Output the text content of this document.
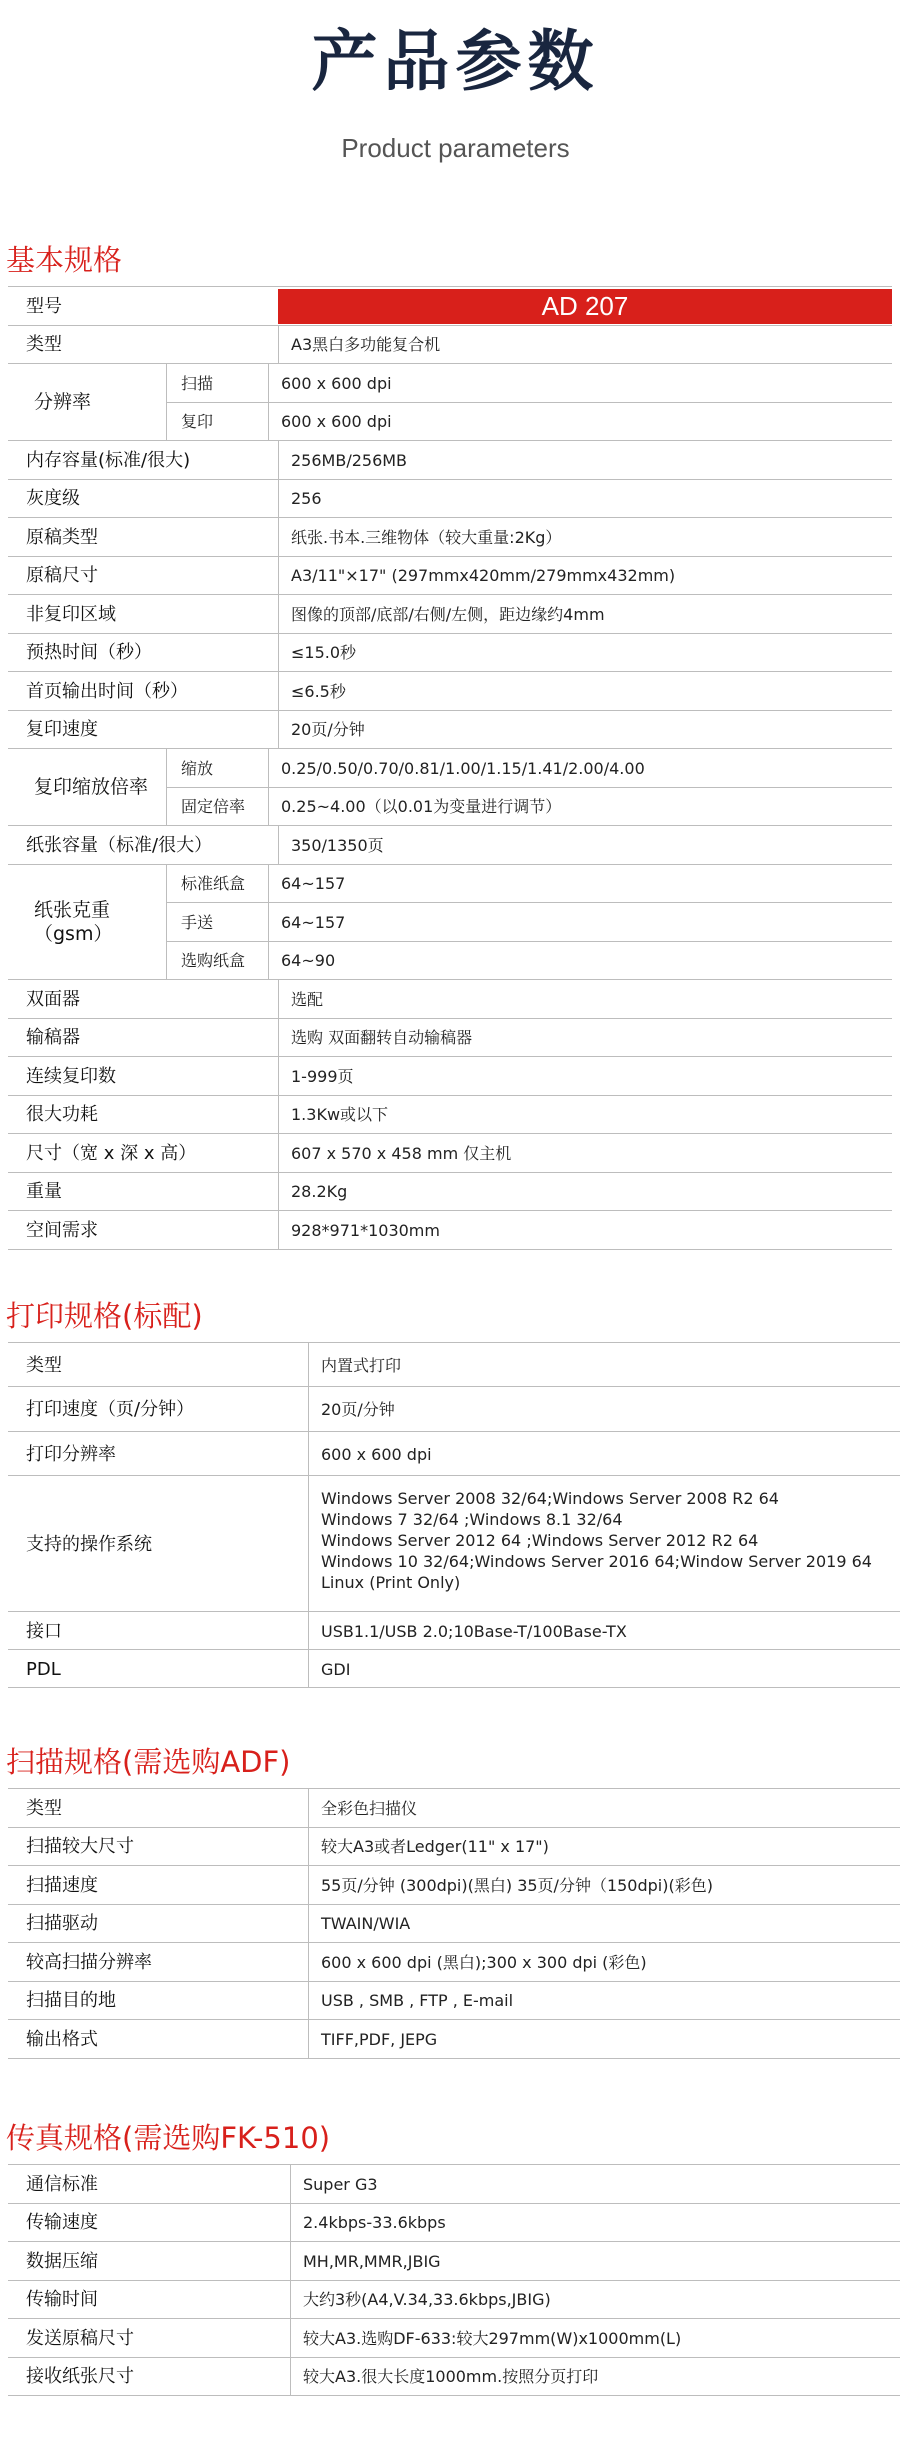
产品参数
Product parameters
基本规格
型号	AD 207
类型	A3黑白多功能复合机
分辨率
扫描	600 x 600 dpi
复印	600 x 600 dpi
内存容量(标准/很大)	256MB/256MB
灰度级	256
原稿类型	纸张.书本.三维物体（较大重量:2Kg）
原稿尺寸	A3/11"×17" (297mmx420mm/279mmx432mm)
非复印区域	图像的顶部/底部/右侧/左侧，距边缘约4mm
预热时间（秒）	≤15.0秒
首页输出时间（秒）	≤6.5秒
复印速度	20页/分钟
复印缩放倍率
缩放	0.25/0.50/0.70/0.81/1.00/1.15/1.41/2.00/4.00
固定倍率	0.25~4.00（以0.01为变量进行调节）
纸张容量（标准/很大）	350/1350页
纸张克重
（gsm）
标准纸盒	64~157
手送	64~157
选购纸盒	64~90
双面器	选配
输稿器	选购 双面翻转自动输稿器
连续复印数	1-999页
很大功耗	1.3Kw或以下
尺寸（宽 x 深 x 高）	607 x 570 x 458 mm 仅主机
重量	28.2Kg
空间需求	928*971*1030mm
打印规格(标配)
类型	内置式打印
打印速度（页/分钟）	20页/分钟
打印分辨率	600 x 600 dpi
支持的操作系统
Windows Server 2008 32/64;Windows Server 2008 R2 64
Windows 7 32/64 ;Windows 8.1 32/64
Windows Server 2012 64 ;Windows Server 2012 R2 64
Windows 10 32/64;Windows Server 2016 64;Window Server 2019 64
Linux (Print Only)
接口	USB1.1/USB 2.0;10Base-T/100Base-TX
PDL	GDI
扫描规格(需选购ADF)
类型	全彩色扫描仪
扫描较大尺寸	较大A3或者Ledger(11" x 17")
扫描速度	55页/分钟 (300dpi)(黑白) 35页/分钟（150dpi)(彩色)
扫描驱动	TWAIN/WIA
较高扫描分辨率	600 x 600 dpi (黑白);300 x 300 dpi (彩色)
扫描目的地	USB , SMB , FTP , E-mail
输出格式	TIFF,PDF, JEPG
传真规格(需选购FK-510)
通信标准	Super G3
传输速度	2.4kbps-33.6kbps
数据压缩	MH,MR,MMR,JBIG
传输时间	大约3秒(A4,V.34,33.6kbps,JBIG)
发送原稿尺寸	较大A3.选购DF-633:较大297mm(W)x1000mm(L)
接收纸张尺寸	较大A3.很大长度1000mm.按照分页打印
